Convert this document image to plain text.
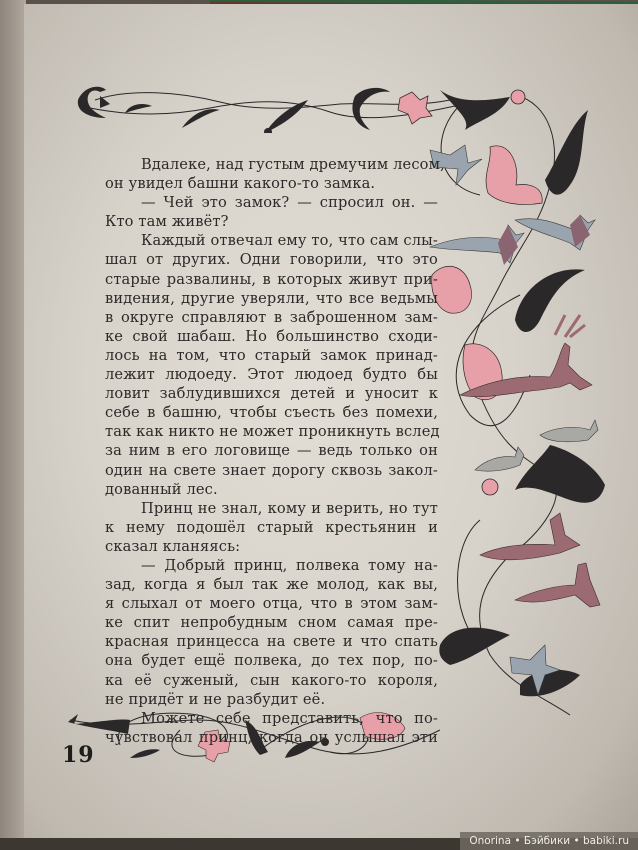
Вдалеке, над густым дремучим лесом,
он увидел башни какого-то замка.
— Чей это замок? — спросил он. —
Кто там живёт?
Каждый отвечал ему то, что сам слы-
шал от других. Одни говорили, что это
старые развалины, в которых живут при-
видения, другие уверяли, что все ведьмы
в округе справляют в заброшенном зам-
ке свой шабаш. Но большинство сходи-
лось на том, что старый замок принад-
лежит людоеду. Этот людоед будто бы
ловит заблудившихся детей и уносит к
себе в башню, чтобы съесть без помехи,
так как никто не может проникнуть вслед
за ним в его логовище — ведь только он
один на свете знает дорогу сквозь закол-
дованный лес.
Принц не знал, кому и верить, но тут
к нему подошёл старый крестьянин и
сказал кланяясь:
— Добрый принц, полвека тому на-
зад, когда я был так же молод, как вы,
я слыхал от моего отца, что в этом зам-
ке спит непробудным сном самая пре-
красная принцесса на свете и что спать
она будет ещё полвека, до тех пор, по-
ка её суженый, сын какого-то короля,
не придёт и не разбудит её.
Можете себе представить, что по-
чувствовал принц, когда он услышал эти
19
Onorina • Бэйбики • babiki.ru
